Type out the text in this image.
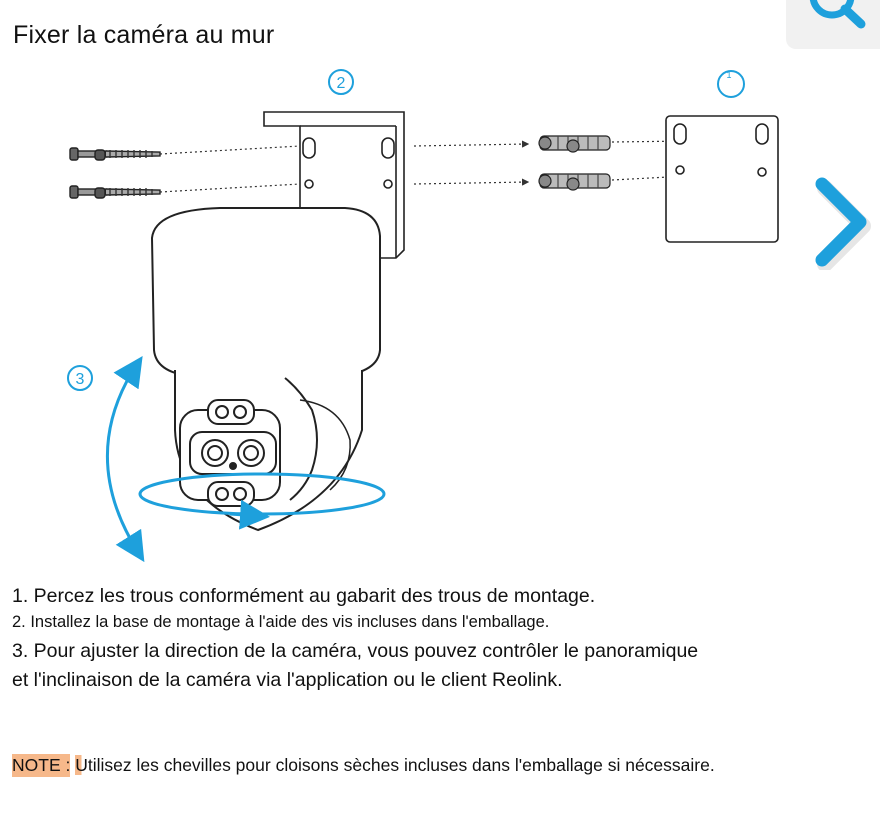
Fixer la caméra au mur
2	1
3
1. Percez les trous conformément au gabarit des trous de montage.
2. Installez la base de montage à l'aide des vis incluses dans l'emballage.
3. Pour ajuster la direction de la caméra, vous pouvez contrôler le panoramique et l'inclinaison de la caméra via l'application ou le client Reolink.
NOTE : Utilisez les chevilles pour cloisons sèches incluses dans l'emballage si nécessaire.
